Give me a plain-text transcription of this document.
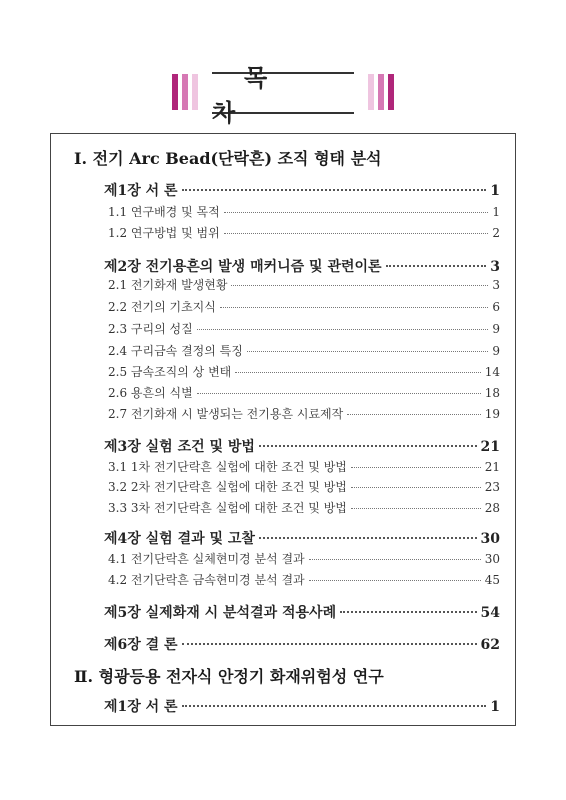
목 차
Ⅰ. 전기 Arc Bead(단락흔) 조직 형태 분석
제1장 서 론	1
1.1 연구배경 및 목적	1
1.2 연구방법 및 범위	2
제2장 전기용흔의 발생 매커니즘 및 관련이론	3
2.1 전기화재 발생현황	3
2.2 전기의 기초지식	6
2.3 구리의 성질	9
2.4 구리금속 결정의 특징	9
2.5 금속조직의 상 변태	14
2.6 용흔의 식별	18
2.7 전기화재 시 발생되는 전기용흔 시료제작	19
제3장 실험 조건 및 방법	21
3.1 1차 전기단락흔 실험에 대한 조건 및 방법	21
3.2 2차 전기단락흔 실험에 대한 조건 및 방법	23
3.3 3차 전기단락흔 실험에 대한 조건 및 방법	28
제4장 실험 결과 및 고찰	30
4.1 전기단락흔 실체현미경 분석 결과	30
4.2 전기단락흔 금속현미경 분석 결과	45
제5장 실제화재 시 분석결과 적용사례	54
제6장 결 론	62
Ⅱ. 형광등용 전자식 안정기 화재위험성 연구
제1장 서 론	1
